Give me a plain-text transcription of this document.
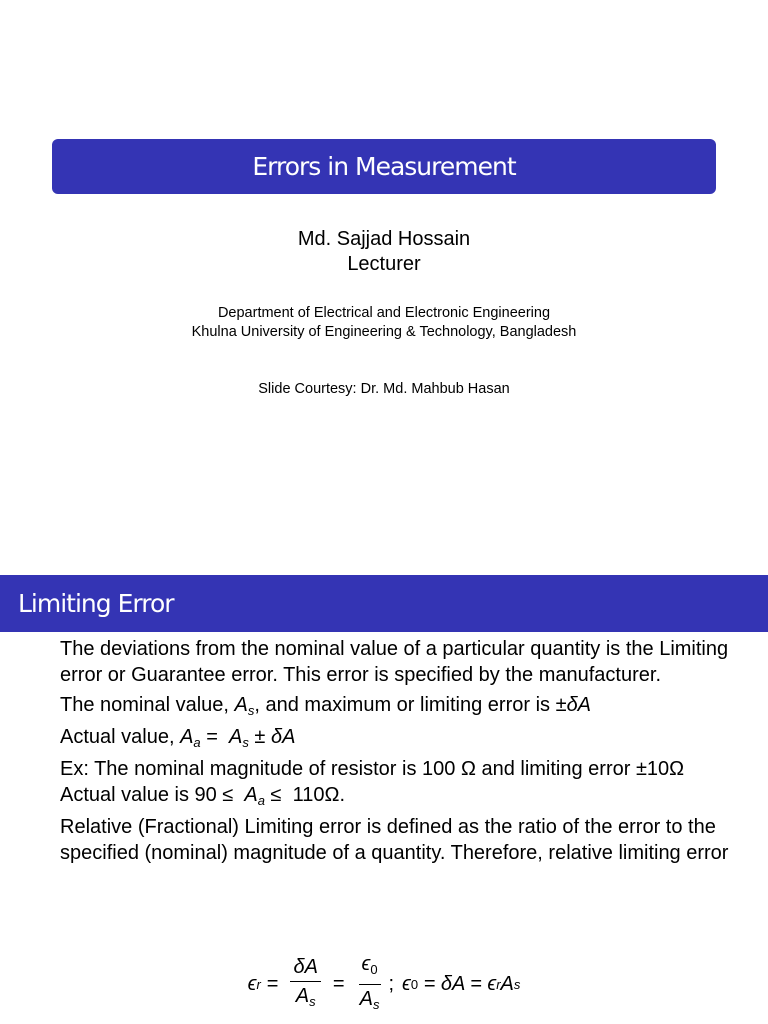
Errors in Measurement
Md. Sajjad Hossain
Lecturer
Department of Electrical and Electronic Engineering
Khulna University of Engineering & Technology, Bangladesh
Slide Courtesy: Dr. Md. Mahbub Hasan
Limiting Error

The deviations from the nominal value of a particular quantity is the Limiting error or Guarantee error. This error is specified by the manufacturer.

The nominal value, $A_s$, and maximum or limiting error is ±δA

Actual value, $A_a = A_s \pm \delta A$

Ex: The nominal magnitude of resistor is 100 Ω and limiting error ±10Ω

Actual value is $90 \le A_a \le 110\Omega$.

Relative (Fractional) Limiting error is defined as the ratio of the error to the specified (nominal) magnitude of a quantity. Therefore, relative limiting error

ϵ $r = \frac{\delta A}{A_s} = \frac{\epsilon_0}{A_s}$ ; ϵ 0 = δA = ϵ r A s
